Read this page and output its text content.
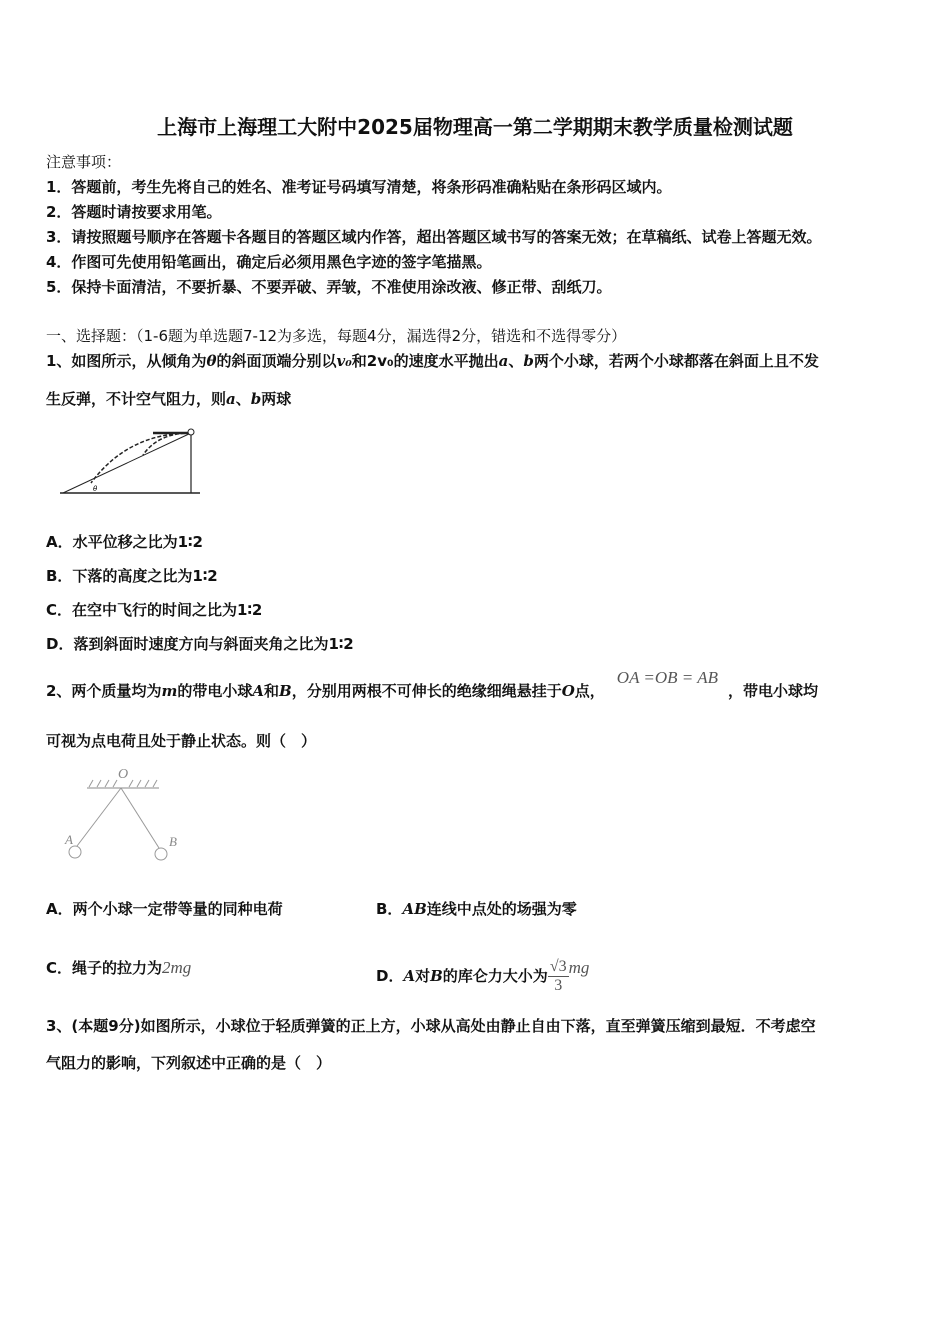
上海市上海理工大附中2025届物理高一第二学期期末教学质量检测试题
注意事项：
1．答题前，考生先将自己的姓名、准考证号码填写清楚，将条形码准确粘贴在条形码区域内。
2．答题时请按要求用笔。
3．请按照题号顺序在答题卡各题目的答题区域内作答，超出答题区域书写的答案无效；在草稿纸、试卷上答题无效。
4．作图可先使用铅笔画出，确定后必须用黑色字迹的签字笔描黑。
5．保持卡面清洁，不要折暴、不要弄破、弄皱，不准使用涂改液、修正带、刮纸刀。
一、选择题：（1-6题为单选题7-12为多选，每题4分，漏选得2分，错选和不选得零分）
1、如图所示，从倾角为θ的斜面顶端分别以v₀和2v₀的速度水平抛出a、b两个小球，若两个小球都落在斜面上且不发
生反弹，不计空气阻力，则a、b两球
θ
A．水平位移之比为1∶2
B．下落的高度之比为1∶2
C．在空中飞行的时间之比为1∶2
D．落到斜面时速度方向与斜面夹角之比为1∶2
2、两个质量均为m的带电小球A和B，分别用两根不可伸长的绝缘细绳悬挂于O点，OA =OB = AB，带电小球均
可视为点电荷且处于静止状态。则（　）
O
A	B
A．两个小球一定带等量的同种电荷	B．AB连线中点处的场强为零
C．绳子的拉力为2mg	D．A对B的库仑力大小为 $\frac{√3}{3}$ mg
3、(本题9分)如图所示，小球位于轻质弹簧的正上方，小球从高处由静止自由下落，直至弹簧压缩到最短．不考虑空
气阻力的影响，下列叙述中正确的是（　）
